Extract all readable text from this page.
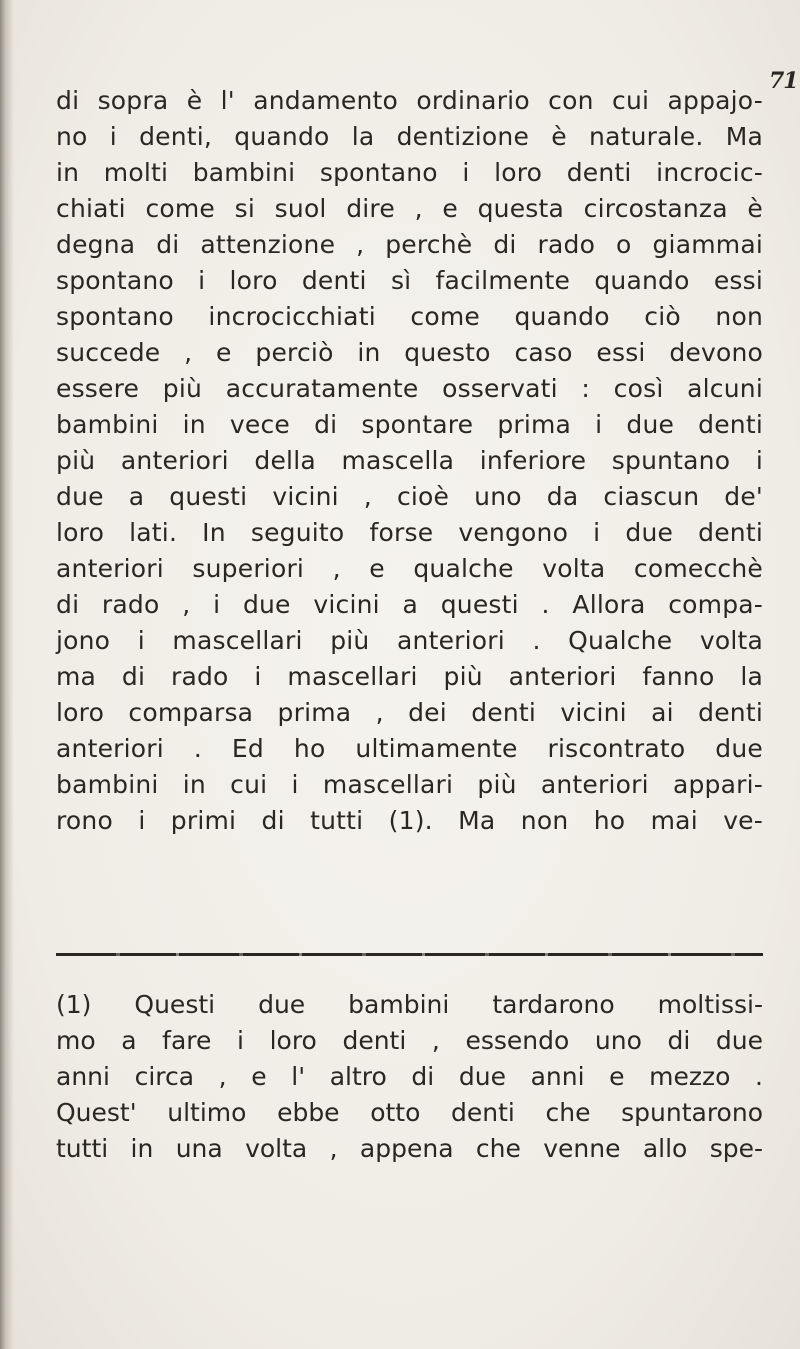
71
di sopra è l' andamento ordinario con cui appajo-
no i denti, quando la dentizione è naturale. Ma
in molti bambini spontano i loro denti incrocic-
chiati come si suol dire , e questa circostanza è
degna di attenzione , perchè di rado o giammai
spontano i loro denti sì facilmente quando essi
spontano incrocicchiati come quando ciò non
succede , e perciò in questo caso essi devono
essere più accuratamente osservati : così alcuni
bambini in vece di spontare prima i due denti
più anteriori della mascella inferiore spuntano i
due a questi vicini , cioè uno da ciascun de'
loro lati. In seguito forse vengono i due denti
anteriori superiori , e qualche volta comecchè
di rado , i due vicini a questi . Allora compa-
jono i mascellari più anteriori . Qualche volta
ma di rado i mascellari più anteriori fanno la
loro comparsa prima , dei denti vicini ai denti
anteriori . Ed ho ultimamente riscontrato due
bambini in cui i mascellari più anteriori appari-
rono i primi di tutti (1). Ma non ho mai ve-
(1) Questi due bambini tardarono moltissi-
mo a fare i loro denti , essendo uno di due
anni circa , e l' altro di due anni e mezzo .
Quest' ultimo ebbe otto denti che spuntarono
tutti in una volta , appena che venne allo spe-
